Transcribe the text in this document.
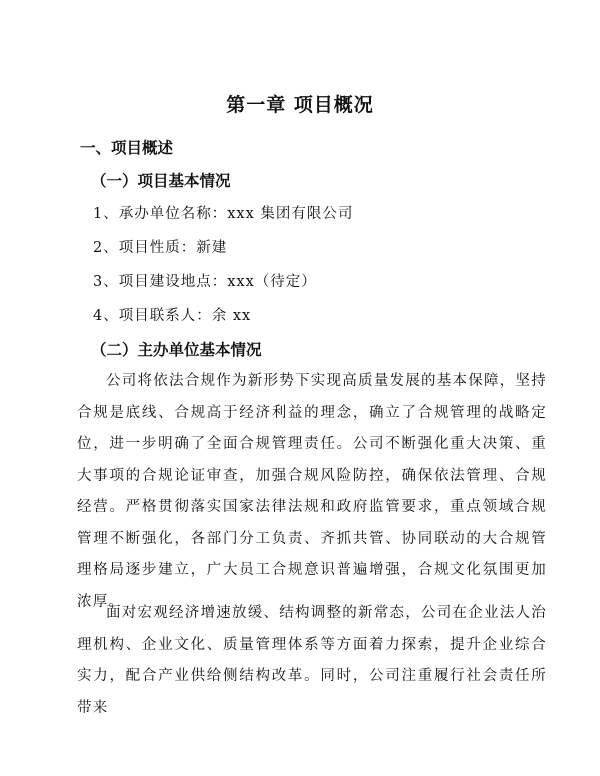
第一章 项目概况
一、项目概述
（一）项目基本情况
1、承办单位名称：xxx 集团有限公司
2、项目性质：新建
3、项目建设地点：xxx（待定）
4、项目联系人：余 xx
（二）主办单位基本情况

公司将依法合规作为新形势下实现高质量发展的基本保障，坚持合规是底线、合规高于经济利益的理念，确立了合规管理的战略定位，进一步明确了全面合规管理责任。公司不断强化重大决策、重大事项的合规论证审查，加强合规风险防控，确保依法管理、合规经营。严格贯彻落实国家法律法规和政府监管要求，重点领域合规管理不断强化，各部门分工负责、齐抓共管、协同联动的大合规管理格局逐步建立，广大员工合规意识普遍增强，合规文化氛围更加浓厚。

面对宏观经济增速放缓、结构调整的新常态，公司在企业法人治理机构、企业文化、质量管理体系等方面着力探索，提升企业综合实力，配合产业供给侧结构改革。同时，公司注重履行社会责任所带来
